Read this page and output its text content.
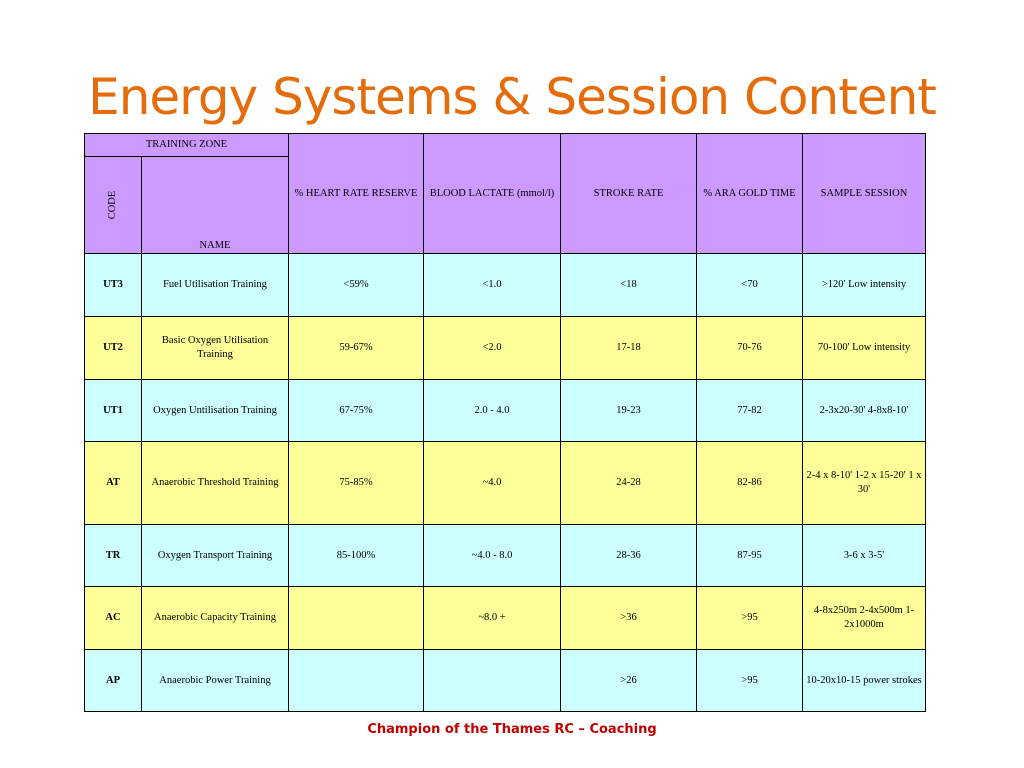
Energy Systems & Session Content
TRAINING ZONE		% HEART RATE RESERVE	BLOOD LACTATE (mmol/l)	STROKE RATE	% ARA GOLD TIME	SAMPLE SESSION

CODE	NAME					
UT3	Fuel Utilisation Training	<59%	<1.0	<18	<70	>120' Low intensity
UT2	Basic Oxygen Utilisation Training	59-67%	<2.0	17-18	70-76	70-100' Low intensity
UT1	Oxygen Untilisation Training	67-75%	2.0 - 4.0	19-23	77-82	2-3x20-30' 4-8x8-10'
AT	Anaerobic Threshold Training	75-85%	~4.0	24-28	82-86	2-4 x 8-10' 1-2 x 15-20' 1 x 30'
TR	Oxygen Transport Training	85-100%	~4.0 - 8.0	28-36	87-95	3-6 x 3-5'
AC	Anaerobic Capacity Training		~8.0 +	>36	>95	4-8x250m 2-4x500m 1-2x1000m
AP	Anaerobic Power Training			>26	>95	10-20x10-15 power strokes
Champion of the Thames RC – Coaching
